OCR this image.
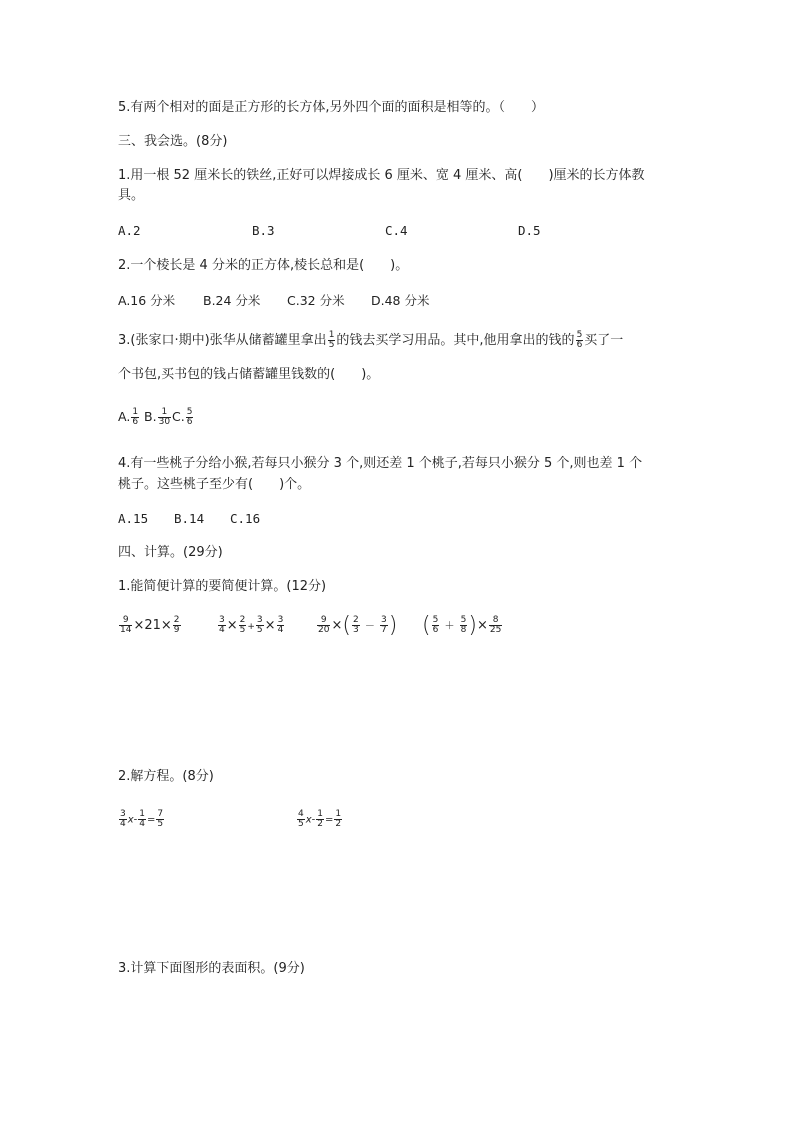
5.有两个相对的面是正方形的长方体,另外四个面的面积是相等的。（　　）
三、我会选。(8分)
1.用一根 52 厘米长的铁丝,正好可以焊接成长 6 厘米、宽 4 厘米、高(　　)厘米的长方体教
具。
A.2	B.3	C.4	D.5
2.一个棱长是 4 分米的正方体,棱长总和是(　　)。
A.16 分米 B.24 分米 C.32 分米 D.48 分米
3.(张家口·期中)张华从储蓄罐里拿出 $\frac{1}{5}$ 的钱去买学习用品。其中,他用拿出的钱的 $\frac{5}{6}$ 买了一
个书包,买书包的钱占储蓄罐里钱数的(　　)。
A. $\frac{1}{6} B$. $\frac{1}{30} C$. $\frac{5}{6}$
4.有一些桃子分给小猴,若每只小猴分 3 个,则还差 1 个桃子,若每只小猴分 5 个,则也差 1 个
桃子。这些桃子至少有(　　)个。
A.15 B.14 C.16
四、计算。(29分)
1.能简便计算的要简便计算。(12分)
$\frac{9}{14} \times 21\times \frac{2}{9}$	$\frac{3}{4} \times \frac{2}{5} + \frac{3}{5} \times \frac{3}{4}$	$\frac{9}{20}$ ×( $\frac{2}{3} - \frac{3}{7}$ ) ( $\frac{5}{6} + \frac{5}{8}$ )× $\frac{8}{25}$
2.解方程。(8分)
$\frac{3}{4} x- \frac{1}{4} = \frac{7}{5}$	$\frac{4}{5} x- \frac{1}{2} = \frac{1}{2}$
3.计算下面图形的表面积。(9分)
